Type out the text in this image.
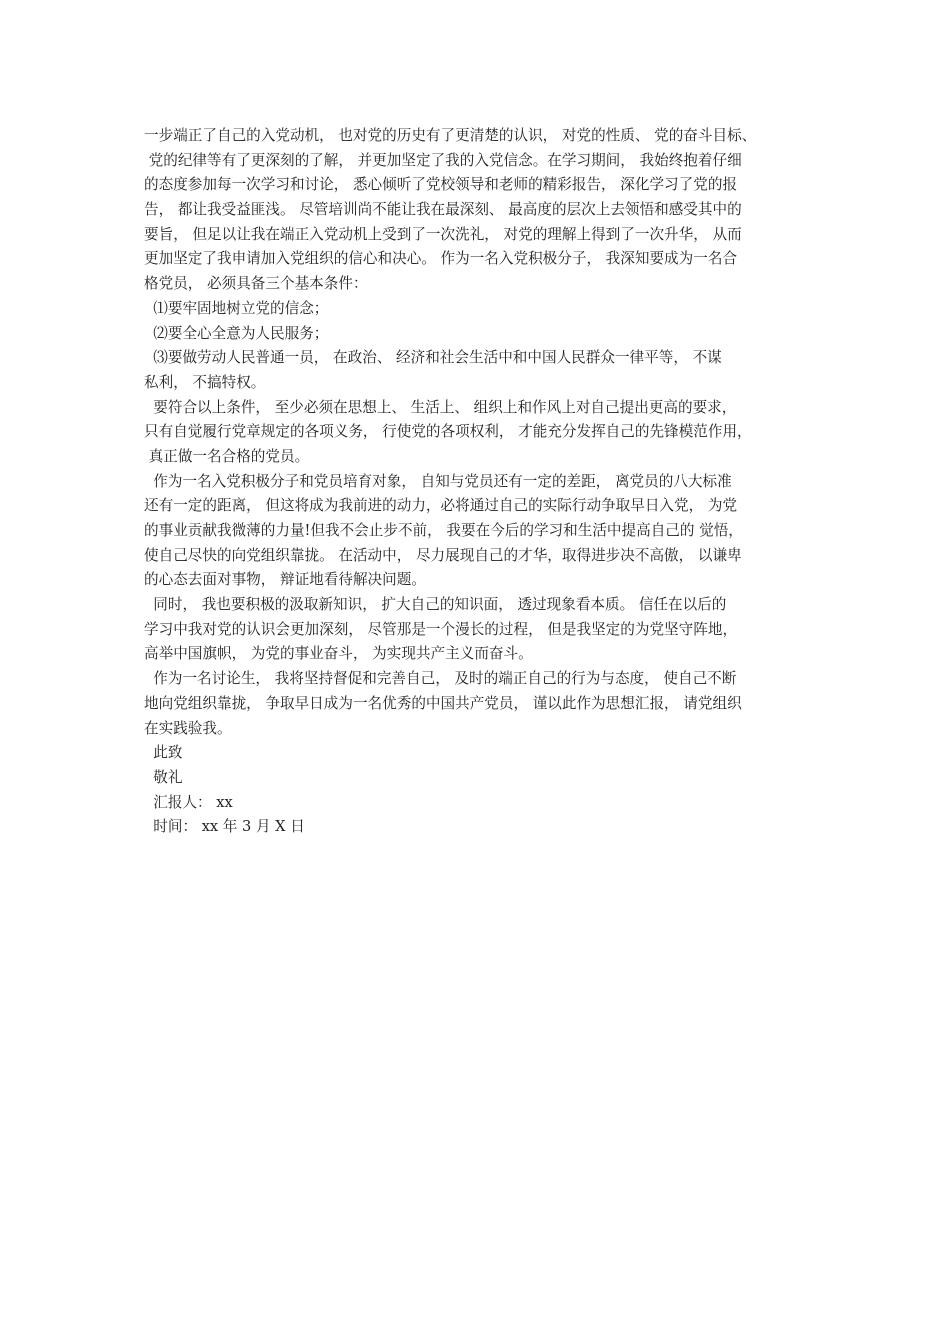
一步端正了自己的入党动机， 也对党的历史有了更清楚的认识， 对党的性质、 党的奋斗目标、
党的纪律等有了更深刻的了解， 并更加坚定了我的入党信念。在学习期间， 我始终抱着仔细
的态度参加每一次学习和讨论， 悉心倾听了党校领导和老师的精彩报告， 深化学习了党的报
告， 都让我受益匪浅。 尽管培训尚不能让我在最深刻、 最高度的层次上去领悟和感受其中的
要旨， 但足以让我在端正入党动机上受到了一次洗礼， 对党的理解上得到了一次升华， 从而
更加坚定了我申请加入党组织的信心和决心。 作为一名入党积极分子， 我深知要成为一名合
格党员， 必须具备三个基本条件：
⑴要牢固地树立党的信念；
⑵要全心全意为人民服务；
⑶要做劳动人民普通一员， 在政治、 经济和社会生活中和中国人民群众一律平等， 不谋
私利， 不搞特权。
要符合以上条件， 至少必须在思想上、 生活上、 组织上和作风上对自己提出更高的要求，
只有自觉履行党章规定的各项义务， 行使党的各项权利， 才能充分发挥自己的先锋模范作用，
真正做一名合格的党员。
作为一名入党积极分子和党员培育对象， 自知与党员还有一定的差距， 离党员的八大标准
还有一定的距离， 但这将成为我前进的动力，必将通过自己的实际行动争取早日入党， 为党
的事业贡献我微薄的力量!但我不会止步不前， 我要在今后的学习和生活中提高自己的 觉悟，
使自己尽快的向党组织靠拢。 在活动中， 尽力展现自己的才华，取得进步决不高傲， 以谦卑
的心态去面对事物， 辩证地看待解决问题。
同时， 我也要积极的汲取新知识， 扩大自己的知识面， 透过现象看本质。 信任在以后的
学习中我对党的认识会更加深刻， 尽管那是一个漫长的过程， 但是我坚定的为党坚守阵地，
高举中国旗帜， 为党的事业奋斗， 为实现共产主义而奋斗。
作为一名讨论生， 我将坚持督促和完善自己， 及时的端正自己的行为与态度， 使自己不断
地向党组织靠拢， 争取早日成为一名优秀的中国共产党员， 谨以此作为思想汇报， 请党组织
在实践验我。
此致
敬礼
汇报人： xx
时间： xx 年 3 月 X 日
